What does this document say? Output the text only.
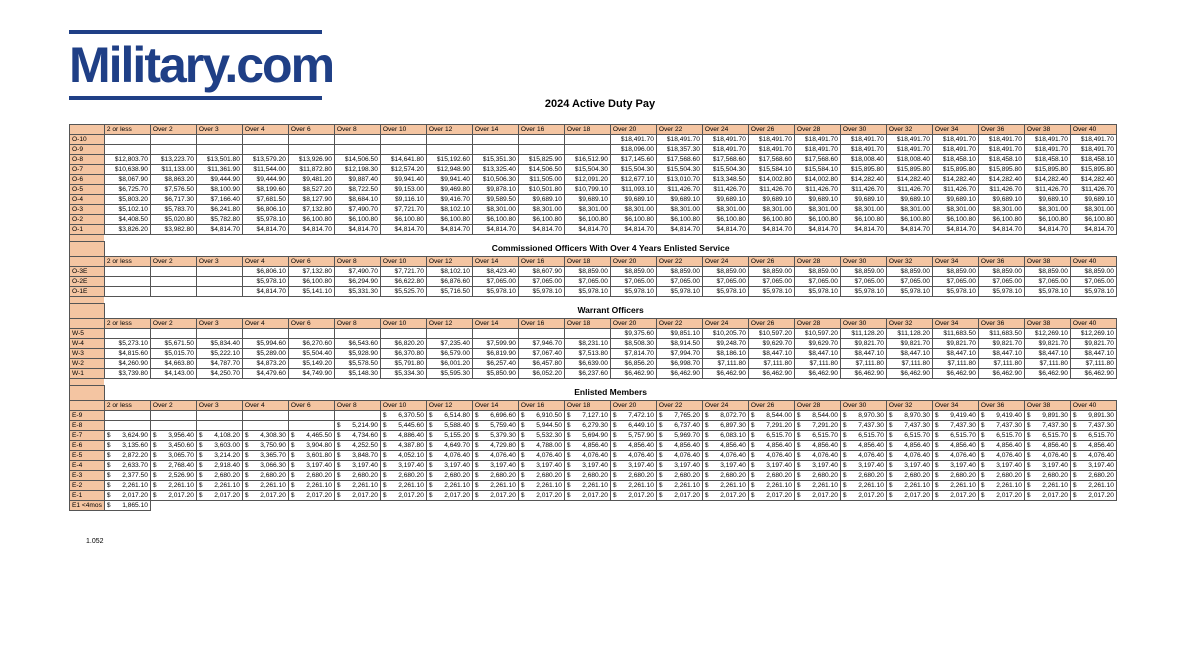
Military.com
2024 Active Duty Pay
	2 or less	Over 2	Over 3	Over 4	Over 6	Over 8	Over 10	Over 12	Over 14	Over 16	Over 18	Over 20	Over 22	Over 24	Over 26	Over 28	Over 30	Over 32	Over 34	Over 36	Over 38	Over 40
O-10												$18,491.70	$18,491.70	$18,491.70	$18,491.70	$18,491.70	$18,491.70	$18,491.70	$18,491.70	$18,491.70	$18,491.70	$18,491.70
O-9												$18,096.00	$18,357.30	$18,491.70	$18,491.70	$18,491.70	$18,491.70	$18,491.70	$18,491.70	$18,491.70	$18,491.70	$18,491.70
O-8	$12,803.70	$13,223.70	$13,501.80	$13,579.20	$13,926.90	$14,506.50	$14,641.80	$15,192.60	$15,351.30	$15,825.90	$16,512.90	$17,145.60	$17,568.60	$17,568.60	$17,568.60	$17,568.60	$18,008.40	$18,008.40	$18,458.10	$18,458.10	$18,458.10	$18,458.10
O-7	$10,638.90	$11,133.00	$11,361.90	$11,544.00	$11,872.80	$12,198.30	$12,574.20	$12,948.90	$13,325.40	$14,506.50	$15,504.30	$15,504.30	$15,504.30	$15,504.30	$15,584.10	$15,584.10	$15,895.80	$15,895.80	$15,895.80	$15,895.80	$15,895.80	$15,895.80
O-6	$8,067.90	$8,863.20	$9,444.90	$9,444.90	$9,481.20	$9,887.40	$9,941.40	$9,941.40	$10,506.30	$11,505.00	$12,091.20	$12,677.10	$13,010.70	$13,348.50	$14,002.80	$14,002.80	$14,282.40	$14,282.40	$14,282.40	$14,282.40	$14,282.40	$14,282.40
O-5	$6,725.70	$7,576.50	$8,100.90	$8,199.60	$8,527.20	$8,722.50	$9,153.00	$9,469.80	$9,878.10	$10,501.80	$10,799.10	$11,093.10	$11,426.70	$11,426.70	$11,426.70	$11,426.70	$11,426.70	$11,426.70	$11,426.70	$11,426.70	$11,426.70	$11,426.70
O-4	$5,803.20	$6,717.30	$7,166.40	$7,681.50	$8,127.90	$8,684.10	$9,116.10	$9,416.70	$9,589.50	$9,689.10	$9,689.10	$9,689.10	$9,689.10	$9,689.10	$9,689.10	$9,689.10	$9,689.10	$9,689.10	$9,689.10	$9,689.10	$9,689.10	$9,689.10
O-3	$5,102.10	$5,783.70	$6,241.80	$6,806.10	$7,132.80	$7,490.70	$7,721.70	$8,102.10	$8,301.00	$8,301.00	$8,301.00	$8,301.00	$8,301.00	$8,301.00	$8,301.00	$8,301.00	$8,301.00	$8,301.00	$8,301.00	$8,301.00	$8,301.00	$8,301.00
O-2	$4,408.50	$5,020.80	$5,782.80	$5,978.10	$6,100.80	$6,100.80	$6,100.80	$6,100.80	$6,100.80	$6,100.80	$6,100.80	$6,100.80	$6,100.80	$6,100.80	$6,100.80	$6,100.80	$6,100.80	$6,100.80	$6,100.80	$6,100.80	$6,100.80	$6,100.80
O-1	$3,826.20	$3,982.80	$4,814.70	$4,814.70	$4,814.70	$4,814.70	$4,814.70	$4,814.70	$4,814.70	$4,814.70	$4,814.70	$4,814.70	$4,814.70	$4,814.70	$4,814.70	$4,814.70	$4,814.70	$4,814.70	$4,814.70	$4,814.70	$4,814.70	$4,814.70

	Commissioned Officers With Over 4 Years Enlisted Service																					
	2 or less	Over 2	Over 3	Over 4	Over 6	Over 8	Over 10	Over 12	Over 14	Over 16	Over 18	Over 20	Over 22	Over 24	Over 26	Over 28	Over 30	Over 32	Over 34	Over 36	Over 38	Over 40
O-3E				$6,806.10	$7,132.80	$7,490.70	$7,721.70	$8,102.10	$8,423.40	$8,607.90	$8,859.00	$8,859.00	$8,859.00	$8,859.00	$8,859.00	$8,859.00	$8,859.00	$8,859.00	$8,859.00	$8,859.00	$8,859.00	$8,859.00
O-2E				$5,978.10	$6,100.80	$6,294.90	$6,622.80	$6,876.60	$7,065.00	$7,065.00	$7,065.00	$7,065.00	$7,065.00	$7,065.00	$7,065.00	$7,065.00	$7,065.00	$7,065.00	$7,065.00	$7,065.00	$7,065.00	$7,065.00
O-1E				$4,814.70	$5,141.10	$5,331.30	$5,525.70	$5,716.50	$5,978.10	$5,978.10	$5,978.10	$5,978.10	$5,978.10	$5,978.10	$5,978.10	$5,978.10	$5,978.10	$5,978.10	$5,978.10	$5,978.10	$5,978.10	$5,978.10

	Warrant Officers																					
	2 or less	Over 2	Over 3	Over 4	Over 6	Over 8	Over 10	Over 12	Over 14	Over 16	Over 18	Over 20	Over 22	Over 24	Over 26	Over 28	Over 30	Over 32	Over 34	Over 36	Over 38	Over 40
W-5												$9,375.60	$9,851.10	$10,205.70	$10,597.20	$10,597.20	$11,128.20	$11,128.20	$11,683.50	$11,683.50	$12,269.10	$12,269.10
W-4	$5,273.10	$5,671.50	$5,834.40	$5,994.60	$6,270.60	$6,543.60	$6,820.20	$7,235.40	$7,599.90	$7,946.70	$8,231.10	$8,508.30	$8,914.50	$9,248.70	$9,629.70	$9,629.70	$9,821.70	$9,821.70	$9,821.70	$9,821.70	$9,821.70	$9,821.70
W-3	$4,815.60	$5,015.70	$5,222.10	$5,289.00	$5,504.40	$5,928.90	$6,370.80	$6,579.00	$6,819.90	$7,067.40	$7,513.80	$7,814.70	$7,994.70	$8,186.10	$8,447.10	$8,447.10	$8,447.10	$8,447.10	$8,447.10	$8,447.10	$8,447.10	$8,447.10
W-2	$4,260.90	$4,663.80	$4,787.70	$4,873.20	$5,149.20	$5,578.50	$5,791.80	$6,001.20	$6,257.40	$6,457.80	$6,639.00	$6,856.20	$6,998.70	$7,111.80	$7,111.80	$7,111.80	$7,111.80	$7,111.80	$7,111.80	$7,111.80	$7,111.80	$7,111.80
W-1	$3,739.80	$4,143.00	$4,250.70	$4,479.60	$4,749.90	$5,148.30	$5,334.30	$5,595.30	$5,850.90	$6,052.20	$6,237.60	$6,462.90	$6,462.90	$6,462.90	$6,462.90	$6,462.90	$6,462.90	$6,462.90	$6,462.90	$6,462.90	$6,462.90	$6,462.90

	Enlisted Members																					
	2 or less	Over 2	Over 3	Over 4	Over 6	Over 8	Over 10	Over 12	Over 14	Over 16	Over 18	Over 20	Over 22	Over 24	Over 26	Over 28	Over 30	Over 32	Over 34	Over 36	Over 38	Over 40
E-9							$ 6,370.50	$ 6,514.80	$ 6,696.60	$ 6,910.50	$ 7,127.10	$ 7,472.10	$ 7,765.20	$ 8,072.70	$ 8,544.00	$ 8,544.00	$ 8,970.30	$ 8,970.30	$ 9,419.40	$ 9,419.40	$ 9,891.30	$ 9,891.30
E-8						$ 5,214.90	$ 5,445.60	$ 5,588.40	$ 5,759.40	$ 5,944.50	$ 6,279.30	$ 6,449.10	$ 6,737.40	$ 6,897.30	$ 7,291.20	$ 7,291.20	$ 7,437.30	$ 7,437.30	$ 7,437.30	$ 7,437.30	$ 7,437.30	$ 7,437.30
E-7	$ 3,624.90	$ 3,956.40	$ 4,108.20	$ 4,308.30	$ 4,465.50	$ 4,734.60	$ 4,886.40	$ 5,155.20	$ 5,379.30	$ 5,532.30	$ 5,694.90	$ 5,757.90	$ 5,969.70	$ 6,083.10	$ 6,515.70	$ 6,515.70	$ 6,515.70	$ 6,515.70	$ 6,515.70	$ 6,515.70	$ 6,515.70	$ 6,515.70
E-6	$ 3,135.60	$ 3,450.60	$ 3,603.00	$ 3,750.90	$ 3,904.80	$ 4,252.50	$ 4,387.80	$ 4,649.70	$ 4,729.80	$ 4,788.00	$ 4,856.40	$ 4,856.40	$ 4,856.40	$ 4,856.40	$ 4,856.40	$ 4,856.40	$ 4,856.40	$ 4,856.40	$ 4,856.40	$ 4,856.40	$ 4,856.40	$ 4,856.40
E-5	$ 2,872.20	$ 3,065.70	$ 3,214.20	$ 3,365.70	$ 3,601.80	$ 3,848.70	$ 4,052.10	$ 4,076.40	$ 4,076.40	$ 4,076.40	$ 4,076.40	$ 4,076.40	$ 4,076.40	$ 4,076.40	$ 4,076.40	$ 4,076.40	$ 4,076.40	$ 4,076.40	$ 4,076.40	$ 4,076.40	$ 4,076.40	$ 4,076.40
E-4	$ 2,633.70	$ 2,768.40	$ 2,918.40	$ 3,066.30	$ 3,197.40	$ 3,197.40	$ 3,197.40	$ 3,197.40	$ 3,197.40	$ 3,197.40	$ 3,197.40	$ 3,197.40	$ 3,197.40	$ 3,197.40	$ 3,197.40	$ 3,197.40	$ 3,197.40	$ 3,197.40	$ 3,197.40	$ 3,197.40	$ 3,197.40	$ 3,197.40
E-3	$ 2,377.50	$ 2,526.90	$ 2,680.20	$ 2,680.20	$ 2,680.20	$ 2,680.20	$ 2,680.20	$ 2,680.20	$ 2,680.20	$ 2,680.20	$ 2,680.20	$ 2,680.20	$ 2,680.20	$ 2,680.20	$ 2,680.20	$ 2,680.20	$ 2,680.20	$ 2,680.20	$ 2,680.20	$ 2,680.20	$ 2,680.20	$ 2,680.20
E-2	$ 2,261.10	$ 2,261.10	$ 2,261.10	$ 2,261.10	$ 2,261.10	$ 2,261.10	$ 2,261.10	$ 2,261.10	$ 2,261.10	$ 2,261.10	$ 2,261.10	$ 2,261.10	$ 2,261.10	$ 2,261.10	$ 2,261.10	$ 2,261.10	$ 2,261.10	$ 2,261.10	$ 2,261.10	$ 2,261.10	$ 2,261.10	$ 2,261.10
E-1	$ 2,017.20	$ 2,017.20	$ 2,017.20	$ 2,017.20	$ 2,017.20	$ 2,017.20	$ 2,017.20	$ 2,017.20	$ 2,017.20	$ 2,017.20	$ 2,017.20	$ 2,017.20	$ 2,017.20	$ 2,017.20	$ 2,017.20	$ 2,017.20	$ 2,017.20	$ 2,017.20	$ 2,017.20	$ 2,017.20	$ 2,017.20	$ 2,017.20
E1 <4mos	$ 1,865.10																					
1.052
